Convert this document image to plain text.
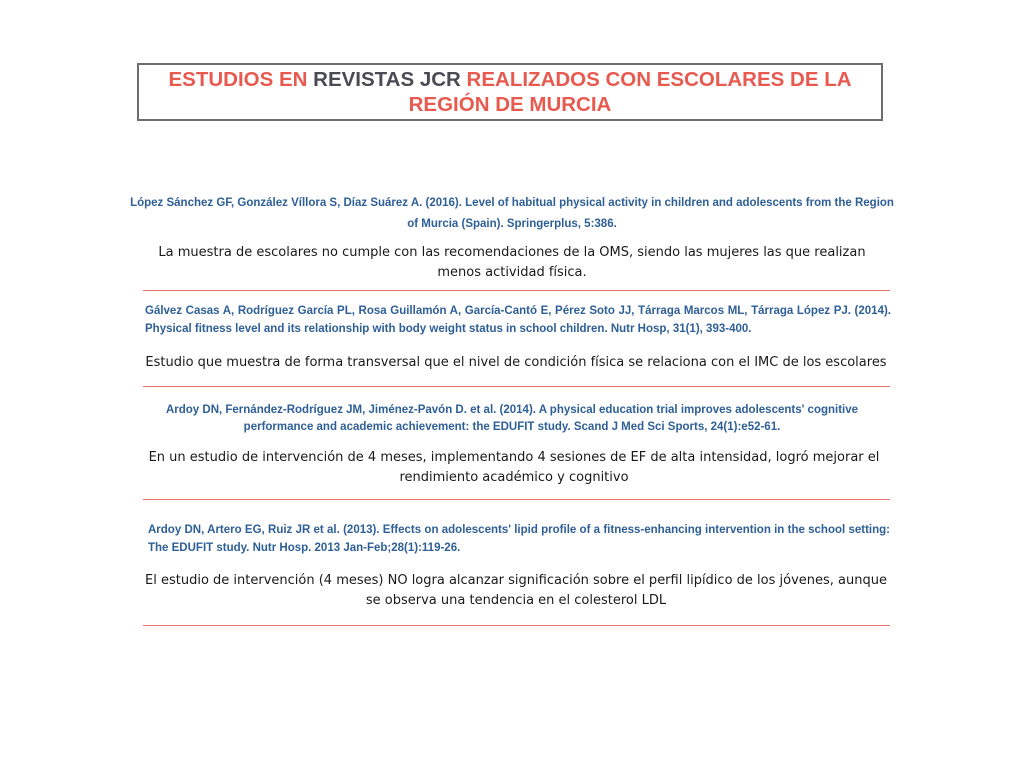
ESTUDIOS EN REVISTAS JCR REALIZADOS CON ESCOLARES DE LA REGIÓN DE MURCIA

López Sánchez GF, González Víllora S, Díaz Suárez A. (2016). Level of habitual physical activity in children and adolescents from the Region of Murcia (Spain). Springerplus, 5:386.

La muestra de escolares no cumple con las recomendaciones de la OMS, siendo las mujeres las que realizan menos actividad física.

Gálvez Casas A, Rodríguez García PL, Rosa Guillamón A, García-Cantó E, Pérez Soto JJ, Tárraga Marcos ML, Tárraga López PJ. (2014). Physical fitness level and its relationship with body weight status in school children. Nutr Hosp, 31(1), 393-400.

Estudio que muestra de forma transversal que el nivel de condición física se relaciona con el IMC de los escolares

Ardoy DN, Fernández-Rodríguez JM, Jiménez-Pavón D. et al. (2014). A physical education trial improves adolescents' cognitive performance and academic achievement: the EDUFIT study. Scand J Med Sci Sports, 24(1):e52-61.

En un estudio de intervención de 4 meses, implementando 4 sesiones de EF de alta intensidad, logró mejorar el rendimiento académico y cognitivo

Ardoy DN, Artero EG, Ruiz JR et al. (2013). Effects on adolescents' lipid profile of a fitness-enhancing intervention in the school setting: The EDUFIT study. Nutr Hosp. 2013 Jan-Feb;28(1):119-26.

El estudio de intervención (4 meses) NO logra alcanzar significación sobre el perfil lipídico de los jóvenes, aunque se observa una tendencia en el colesterol LDL
